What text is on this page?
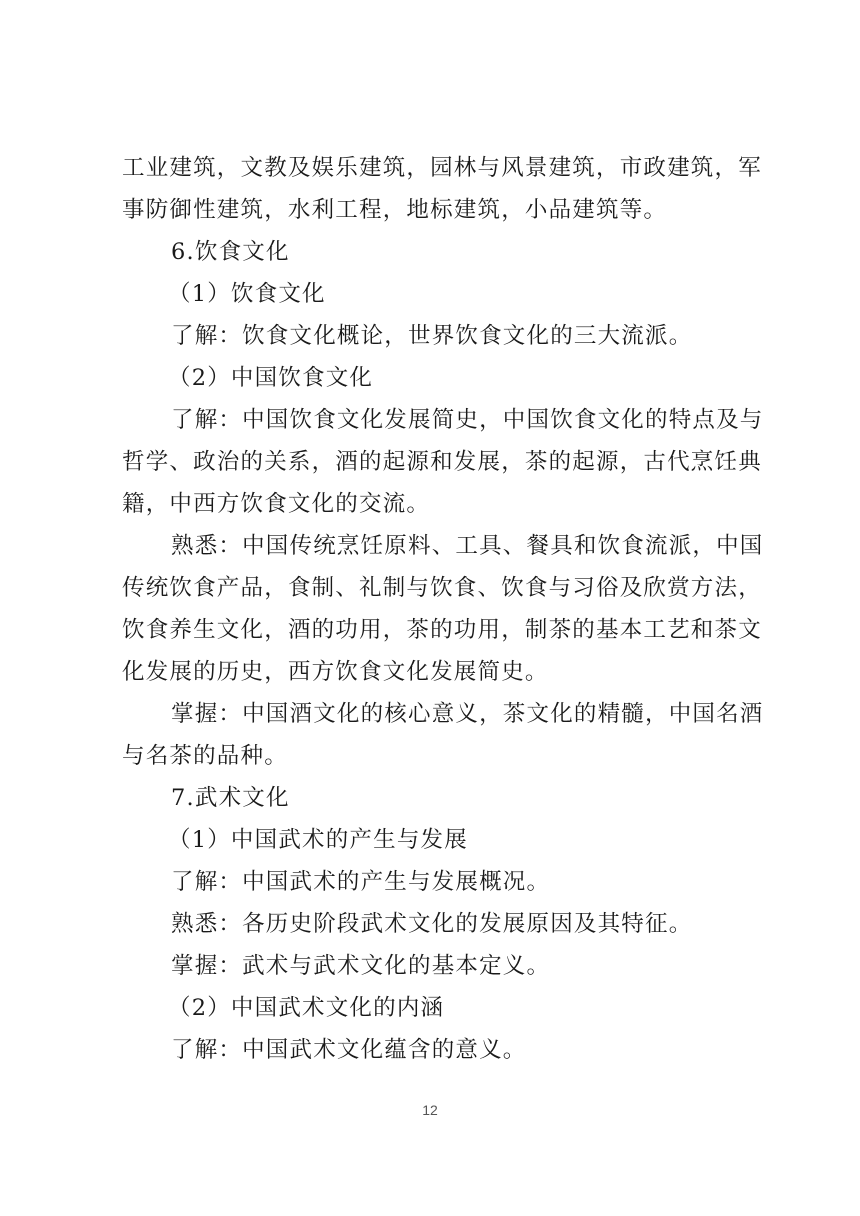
工业建筑，文教及娱乐建筑，园林与风景建筑，市政建筑，军
事防御性建筑，水利工程，地标建筑，小品建筑等。
6.饮食文化
（1）饮食文化
了解：饮食文化概论，世界饮食文化的三大流派。
（2）中国饮食文化
了解：中国饮食文化发展简史，中国饮食文化的特点及与
哲学、政治的关系，酒的起源和发展，茶的起源，古代烹饪典
籍，中西方饮食文化的交流。
熟悉：中国传统烹饪原料、工具、餐具和饮食流派，中国
传统饮食产品，食制、礼制与饮食、饮食与习俗及欣赏方法，
饮食养生文化，酒的功用，茶的功用，制茶的基本工艺和茶文
化发展的历史，西方饮食文化发展简史。
掌握：中国酒文化的核心意义，茶文化的精髓，中国名酒
与名茶的品种。
7.武术文化
（1）中国武术的产生与发展
了解：中国武术的产生与发展概况。
熟悉：各历史阶段武术文化的发展原因及其特征。
掌握：武术与武术文化的基本定义。
（2）中国武术文化的内涵
了解：中国武术文化蕴含的意义。
12
